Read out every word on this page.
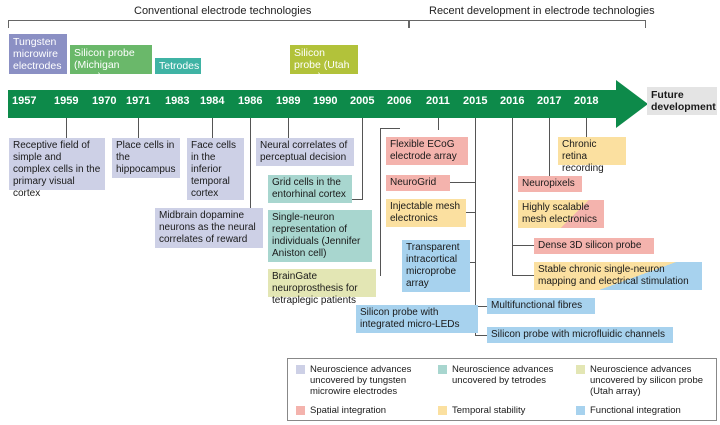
Conventional electrode technologies	Recent development in electrode technologies
Tungsten microwire electrodes
Silicon probe (Michigan array)
Tetrodes
Silicon probe (Utah array)
1957 1959 1970 1971 1983 1984 1986 1989 1990 2005 2006 2011 2015 2016 2017 2018	Future development
Receptive field of simple and complex cells in the primary visual cortex
Place cells in the hippocampus
Face cells in the inferior temporal cortex
Midbrain dopamine neurons as the neural correlates of reward
Neural correlates of perceptual decision
Grid cells in the entorhinal cortex
Single-neuron representation of individuals (Jennifer Aniston cell)
BrainGate neuroprosthesis for tetraplegic patients
Flexible ECoG electrode array
NeuroGrid
Injectable mesh electronics
Transparent intracortical microprobe array
Silicon probe with integrated micro-LEDs
Multifunctional fibres
Silicon probe with microfluidic channels
Chronic retina recording
Neuropixels
Highly scalable mesh electronics
Dense 3D silicon probe
Stable chronic single-neuron mapping and electrical stimulation
Neuroscience advances uncovered by tungsten microwire electrodes
Neuroscience advances uncovered by tetrodes
Neuroscience advances uncovered by silicon probe (Utah array)
Spatial integration	Temporal stability	Functional integration
